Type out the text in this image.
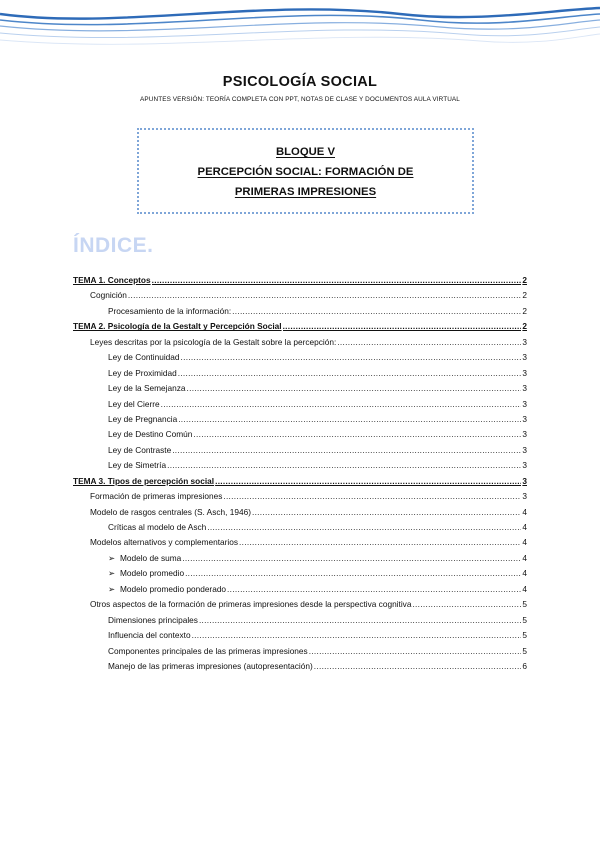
PSICOLOGÍA SOCIAL
APUNTES VERSIÓN: TEORÍA COMPLETA CON PPT, NOTAS DE CLASE Y DOCUMENTOS AULA VIRTUAL
BLOQUE V
PERCEPCIÓN SOCIAL: FORMACIÓN DE
PRIMERAS IMPRESIONES
ÍNDICE.
TEMA 1. Conceptos .....	2
Cognición .....	2
Procesamiento de la información: .....	2
TEMA 2. Psicología de la Gestalt y Percepción Social .....	2
Leyes descritas por la psicología de la Gestalt sobre la percepción: .....	3
Ley de Continuidad .....	3
Ley de Proximidad .....	3
Ley de la Semejanza .....	3
Ley del Cierre .....	3
Ley de Pregnancia .....	3
Ley de Destino Común .....	3
Ley de Contraste .....	3
Ley de Simetría .....	3
TEMA 3. Tipos de percepción social .....	3
Formación de primeras impresiones .....	3
Modelo de rasgos centrales (S. Asch, 1946) .....	4
Críticas al modelo de Asch .....	4
Modelos alternativos y complementarios .....	4
➢ Modelo de suma .....	4
➢ Modelo promedio .....	4
➢ Modelo promedio ponderado .....	4
Otros aspectos de la formación de primeras impresiones desde la perspectiva cognitiva .....	5
Dimensiones principales .....	5
Influencia del contexto .....	5
Componentes principales de las primeras impresiones .....	5
Manejo de las primeras impresiones (autopresentación) .....	6
